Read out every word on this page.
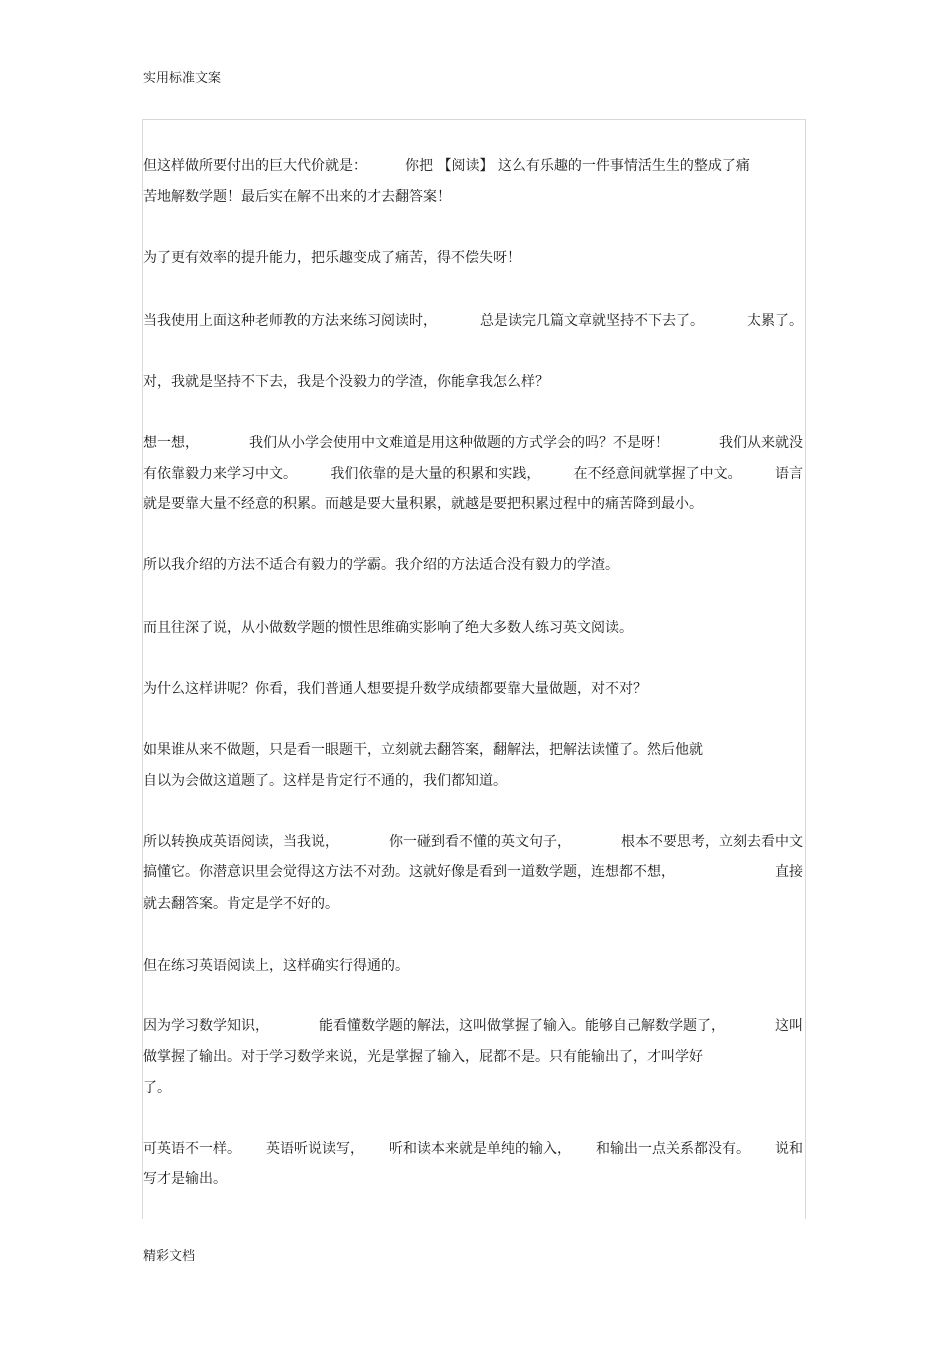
实用标准文案
但这样做所要付出的巨大代价就是：	你把 【阅读】 这么有乐趣的一件事情活生生的整成了痛
苦地解数学题！最后实在解不出来的才去翻答案！
为了更有效率的提升能力，把乐趣变成了痛苦，得不偿失呀！
当我使用上面这种老师教的方法来练习阅读时，	总是读完几篇文章就坚持不下去了。	太累了。
对，我就是坚持不下去，我是个没毅力的学渣，你能拿我怎么样？
想一想，	我们从小学会使用中文难道是用这种做题的方式学会的吗？不是呀！	我们从来就没
有依靠毅力来学习中文。 我们依靠的是大量的积累和实践， 在不经意间就掌握了中文。 语言
就是要靠大量不经意的积累。而越是要大量积累，就越是要把积累过程中的痛苦降到最小。
所以我介绍的方法不适合有毅力的学霸。我介绍的方法适合没有毅力的学渣。
而且往深了说，从小做数学题的惯性思维确实影响了绝大多数人练习英文阅读。
为什么这样讲呢？你看，我们普通人想要提升数学成绩都要靠大量做题，对不对？
如果谁从来不做题，只是看一眼题干，立刻就去翻答案，翻解法，把解法读懂了。然后他就
自以为会做这道题了。这样是肯定行不通的，我们都知道。
所以转换成英语阅读，当我说，	你一碰到看不懂的英文句子，	根本不要思考，立刻去看中文
搞懂它。你潜意识里会觉得这方法不对劲。这就好像是看到一道数学题，连想都不想，	直接
就去翻答案。肯定是学不好的。
但在练习英语阅读上，这样确实行得通的。
因为学习数学知识，	能看懂数学题的解法，这叫做掌握了输入。能够自己解数学题了，	这叫
做掌握了输出。对于学习数学来说，光是掌握了输入，屁都不是。只有能输出了，才叫学好
了。
可英语不一样。 英语听说读写， 听和读本来就是单纯的输入， 和输出一点关系都没有。 说和
写才是输出。
精彩文档
